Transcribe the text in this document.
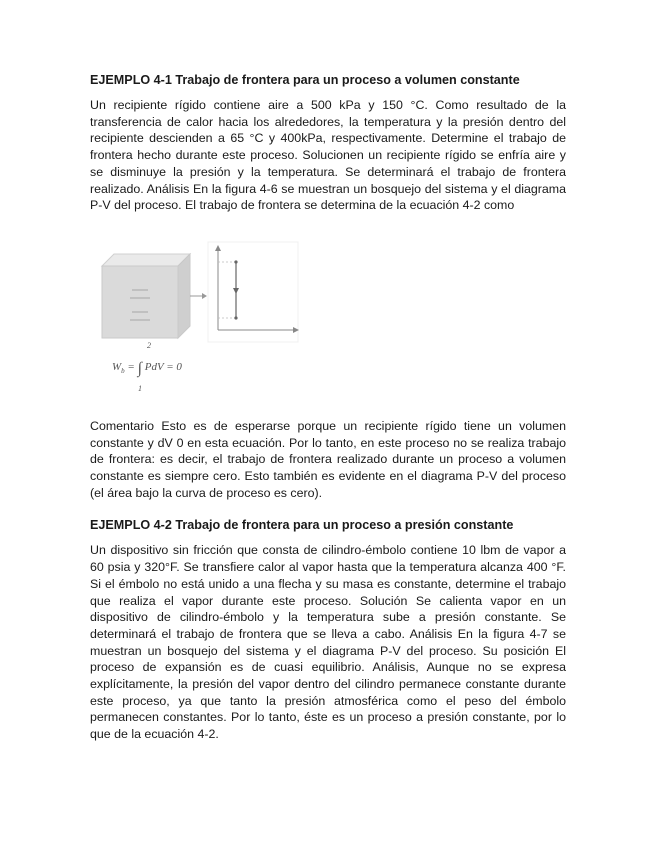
EJEMPLO 4-1 Trabajo de frontera para un proceso a volumen constante

Un recipiente rígido contiene aire a 500 kPa y 150 °C. Como resultado de la transferencia de calor hacia los alrededores, la temperatura y la presión dentro del recipiente descienden a 65 °C y 400kPa, respectivamente. Determine el trabajo de frontera hecho durante este proceso. Solucionen un recipiente rígido se enfría aire y se disminuye la presión y la temperatura. Se determinará el trabajo de frontera realizado. Análisis En la figura 4-6 se muestran un bosquejo del sistema y el diagrama P-V del proceso. El trabajo de frontera se determina de la ecuación 4-2 como

2
$W_b$ = ∫ PdV = 0
1

Comentario Esto es de esperarse porque un recipiente rígido tiene un volumen constante y dV 0 en esta ecuación. Por lo tanto, en este proceso no se realiza trabajo de frontera: es decir, el trabajo de frontera realizado durante un proceso a volumen constante es siempre cero. Esto también es evidente en el diagrama P-V del proceso (el área bajo la curva de proceso es cero).

EJEMPLO 4-2 Trabajo de frontera para un proceso a presión constante

Un dispositivo sin fricción que consta de cilindro-émbolo contiene 10 lbm de vapor a 60 psia y 320°F. Se transfiere calor al vapor hasta que la temperatura alcanza 400 °F. Si el émbolo no está unido a una flecha y su masa es constante, determine el trabajo que realiza el vapor durante este proceso. Solución Se calienta vapor en un dispositivo de cilindro-émbolo y la temperatura sube a presión constante. Se determinará el trabajo de frontera que se lleva a cabo. Análisis En la figura 4-7 se muestran un bosquejo del sistema y el diagrama P-V del proceso. Su posición El proceso de expansión es de cuasi equilibrio. Análisis, Aunque no se expresa explícitamente, la presión del vapor dentro del cilindro permanece constante durante este proceso, ya que tanto la presión atmosférica como el peso del émbolo permanecen constantes. Por lo tanto, éste es un proceso a presión constante, por lo que de la ecuación 4-2.
